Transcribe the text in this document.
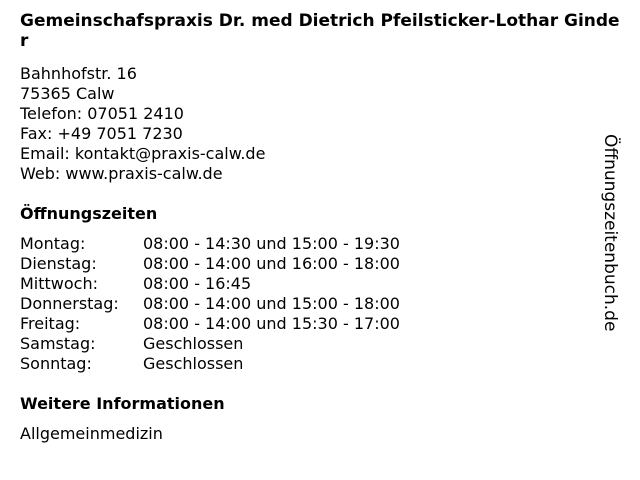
Gemeinschafspraxis Dr. med Dietrich Pfeilsticker-Lothar Ginder
Bahnhofstr. 16
75365 Calw
Telefon: 07051 2410
Fax: +49 7051 7230
Email: kontakt@praxis-calw.de
Web: www.praxis-calw.de
Öffnungszeiten
Montag:	08:00 - 14:30 und 15:00 - 19:30
Dienstag:	08:00 - 14:00 und 16:00 - 18:00
Mittwoch:	08:00 - 16:45
Donnerstag:	08:00 - 14:00 und 15:00 - 18:00
Freitag:	08:00 - 14:00 und 15:30 - 17:00
Samstag:	Geschlossen
Sonntag:	Geschlossen
Weitere Informationen
Allgemeinmedizin
Öffnungszeitenbuch.de
